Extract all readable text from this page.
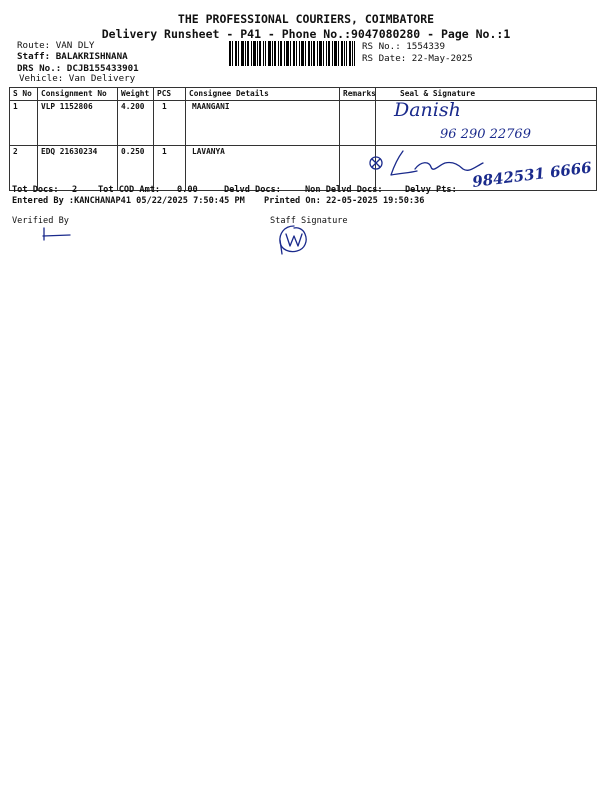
THE PROFESSIONAL COURIERS, COIMBATORE
Delivery Runsheet - P41 - Phone No.:9047080280 - Page No.:1
Route: VAN DLY
Staff: BALAKRISHNANA
DRS No.: DCJB155433901
Vehicle: Van Delivery
RS No.: 1554339
RS Date: 22-May-2025
S No	Consignment No	Weight	PCS	Consignee Details	Remarks	Seal & Signature
1	VLP 1152806	4.200	1	MAANGANI		
2	EDQ 21630234	0.250	1	LAVANYA		
Tot Docs: 2 Tot COD Amt: 0.00	Delvd Docs:	Non Delvd Docs:	Delvy Pts:
Entered By :KANCHANAP41 05/22/2025 7:50:45 PM Printed On: 22-05-2025 19:50:36
Verified By	Staff Signature
Danish
96 290 22769
9842531 6666
